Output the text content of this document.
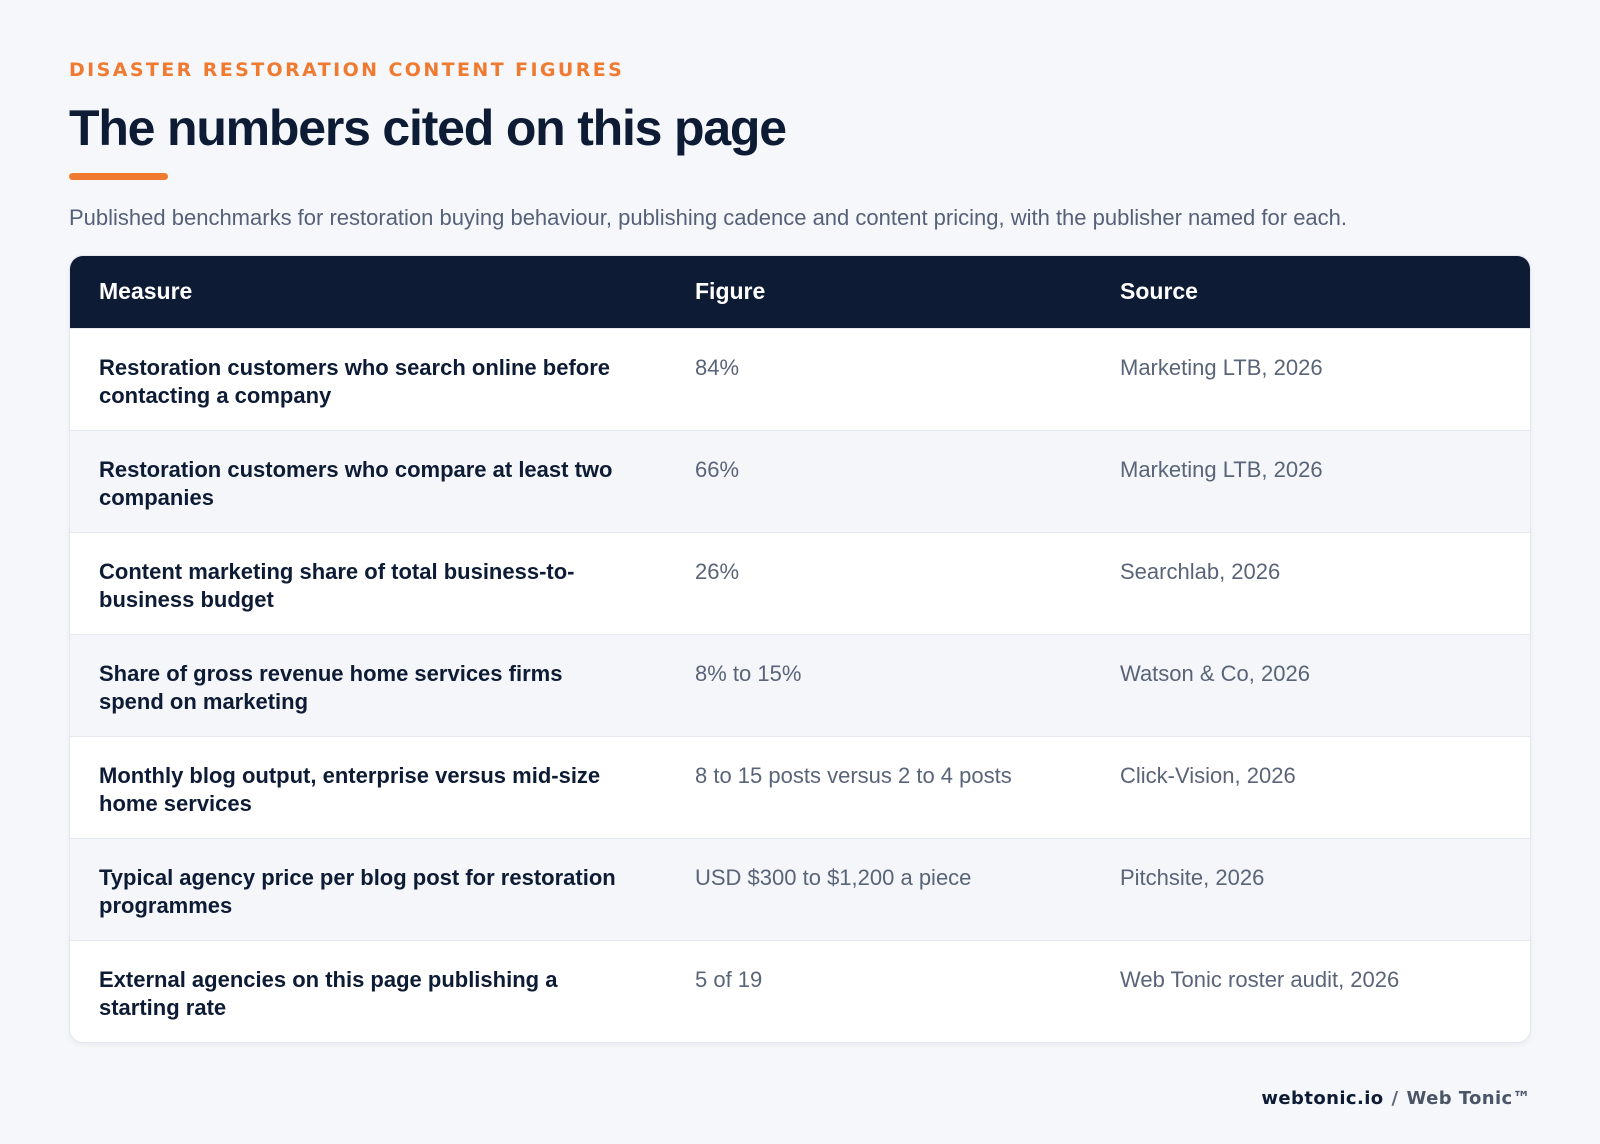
DISASTER RESTORATION CONTENT FIGURES

The numbers cited on this page

Published benchmarks for restoration buying behaviour, publishing cadence and content pricing, with the publisher named for each.

Measure	Figure	Source
Restoration customers who search online before contacting a company	84%	Marketing LTB, 2026
Restoration customers who compare at least two companies	66%	Marketing LTB, 2026
Content marketing share of total business-to-business budget	26%	Searchlab, 2026
Share of gross revenue home services firms spend on marketing	8% to 15%	Watson & Co, 2026
Monthly blog output, enterprise versus mid-size home services	8 to 15 posts versus 2 to 4 posts	Click-Vision, 2026
Typical agency price per blog post for restoration programmes	USD $300 to $1,200 a piece	Pitchsite, 2026
External agencies on this page publishing a starting rate	5 of 19	Web Tonic roster audit, 2026
webtonic.io / Web Tonic™
